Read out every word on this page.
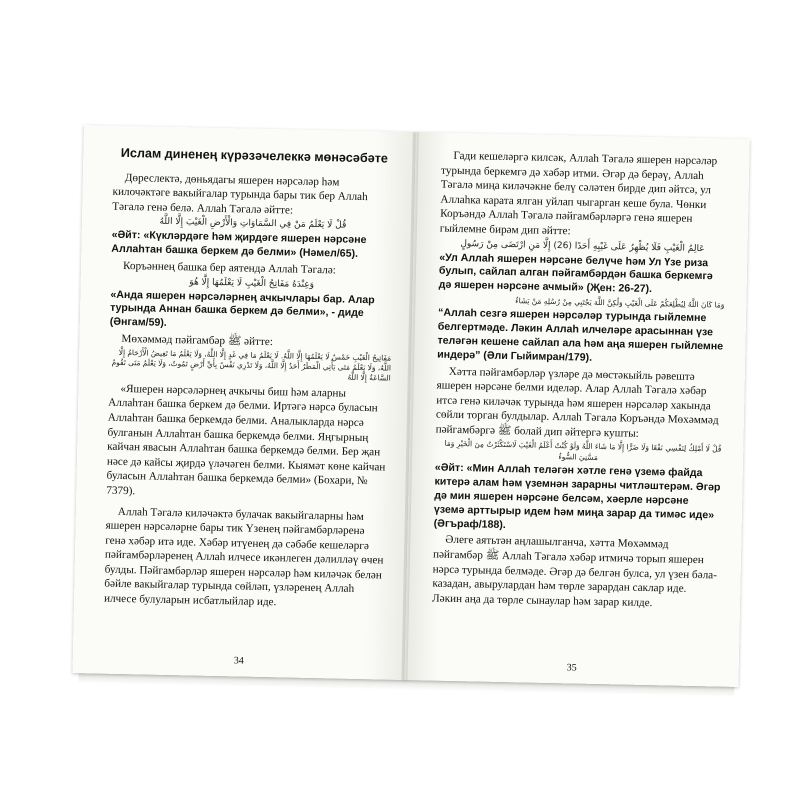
Ислам диненең күрәзәчелеккә мөнәсәбәте

Дөреслектә, дөньядагы яшерен нәрсәләр һәм килочәктәге вакыйгалар турында бары тик бер Аллаһ Тәгалә генә белә. Аллаһ Тәгалә әйтте:

قُلْ لَا يَعْلَمُ مَنْ فِي السَّمَاوَاتِ وَالْأَرْضِ الْغَيْبَ إِلَّا اللَّهُ

«Әйт: «Күкләрдәге һәм җирдәге яшерен нәрсәне Аллаһтан башка беркем дә белми» (Нәмел/65).

Коръәннең башка бер аятендә Аллаһ Тәгалә:

وَعِنْدَهُ مَفَاتِحُ الْغَيْبِ لَا يَعْلَمُهَا إِلَّا هُوَ

«Анда яшерен нәрсәләрнең ачкычлары бар. Алар турында Аннан башка беркем дә белми», - диде (Әнгам/59).

Мөхәммәд пәйгамбәр ﷺ әйтте:

مَفَاتِيحُ الْغَيْبِ خَمْسٌ لَا يَعْلَمُهَا إِلَّا اللَّهُ. لَا يَعْلَمُ مَا فِي غَدٍ إِلَّا اللَّهُ، وَلَا يَعْلَمُ مَا تَغِيضُ الْأَرْحَامُ إِلَّا اللَّهُ، وَلَا يَعْلَمُ مَتَى يَأْتِي الْمَطَرُ أَحَدٌ إِلَّا اللَّهُ، وَلَا تَدْرِي نَفْسٌ بِأَيِّ أَرْضٍ تَمُوتُ، وَلَا يَعْلَمُ مَتَى تَقُومُ السَّاعَةُ إِلَّا اللَّهُ

«Яшерен нәрсәләрнең ачкычы биш һәм аларны Аллаһтан башка беркем дә белми. Иртәгә нәрсә буласын Аллаһтан башка беркемдә белми. Аналыкларда нәрсә булганын Аллаһтан башка беркемдә белми. Яңгырның кайчан явасын Аллаһтан башка беркемдә белми. Бер җан нәсе дә кайсы җирдә үләчәген белми. Кыямәт көне кайчан буласын Аллаһтан башка беркемдә белми» (Бохари, № 7379).

Аллаһ Тәгалә киләчәктә булачак вакыйгаларны һәм яшерен нәрсәләрне бары тик Үзенең пәйгамбәрләренә генә хәбәр итә иде. Хәбәр итүенең дә сәбәбе кешеләргә пәйгамбәрләренең Аллаһ илчесе икәнлеген дәлилләү өчен булды. Пәйгамбәрләр яшерен нәрсәләр һәм киләчәк белән бәйле вакыйгалар турында сөйләп, үзләренең Аллаһ илчесе булуларын исбатлыйлар иде.

34

Гади кешеләргә килсәк, Аллаһ Тәгалә яшерен нәрсәләр турында беркемгә дә хәбәр итми. Әгәр дә берәү, Аллаһ Тәгалә миңа киләчәкне белү сәләтен бирде дип әйтсә, ул Аллаһка карата ялган уйлап чыгарган кеше була. Чөнки Коръәндә Аллаһ Тәгалә пәйгамбәрләргә генә яшерен гыйлемне бирәм дип әйтте:

عَالِمُ الْغَيْبِ فَلَا يُظْهِرُ عَلَى غَيْبِهِ أَحَدًا (26) إِلَّا مَنِ ارْتَضَى مِنْ رَسُولٍ

«Ул Аллаһ яшерен нәрсәне белүче һәм Ул Үзе риза булып, сайлап алган пәйгамбәрдән башка беркемгә дә яшерен нәрсәне ачмый» (Җен: 26-27).

وَمَا كَانَ اللَّهُ لِيُطْلِعَكُمْ عَلَى الْغَيْبِ وَلَٰكِنَّ اللَّهَ يَجْتَبِي مِنْ رُسُلِهِ مَنْ يَشَاءُ

“Аллаһ сезгә яшерен нәрсәләр турында гыйлемне белгертмәде. Ләкин Аллаһ илчеләре арасыннан үзе теләгән кешене сайлап ала һәм аңа яшерен гыйлемне индерә” (Әли Гыйимран/179).

Хәтта пәйгамбәрләр үзләре дә мөстәкыйль рәвештә яшерен нәрсәне белми иделәр. Алар Аллаһ Тәгалә хәбәр итсә генә киләчәк турында һәм яшерен нәрсәләр хакында сөйли торган булдылар. Аллаһ Тәгалә Коръәндә Мөхәммәд пәйгамбәргә ﷺ болай дип әйтергә кушты:

قُلْ لَا أَمْلِكُ لِنَفْسِي نَفْعًا وَلَا ضَرًّا إِلَّا مَا شَاءَ اللَّهُ وَلَوْ كُنْتُ أَعْلَمُ الْغَيْبَ لَاسْتَكْثَرْتُ مِنَ الْخَيْرِ وَمَا

مَسَّنِيَ السُّوءُ

«Әйт: «Мин Аллаһ теләгән хәтле генә үземә файда китерә алам һәм үземнән зарарны читләштерәм. Әгәр дә мин яшерен нәрсәне белсәм, хәерле нәрсәне үземә арттырыр идем һәм миңа зарар да тимәс иде» (Әгъраф/188).

Әлеге аятьтән аңлашылганча, хәтта Мөхәммәд пәйгамбәр ﷺ Аллаһ Тәгалә хәбәр итмичә торып яшерен нәрсә турында белмәде. Әгәр дә белгән булса, ул үзен бәла-казадан, авырулардан һәм төрле зарардан саклар иде. Ләкин аңа да төрле сынаулар һәм зарар килде.

35
